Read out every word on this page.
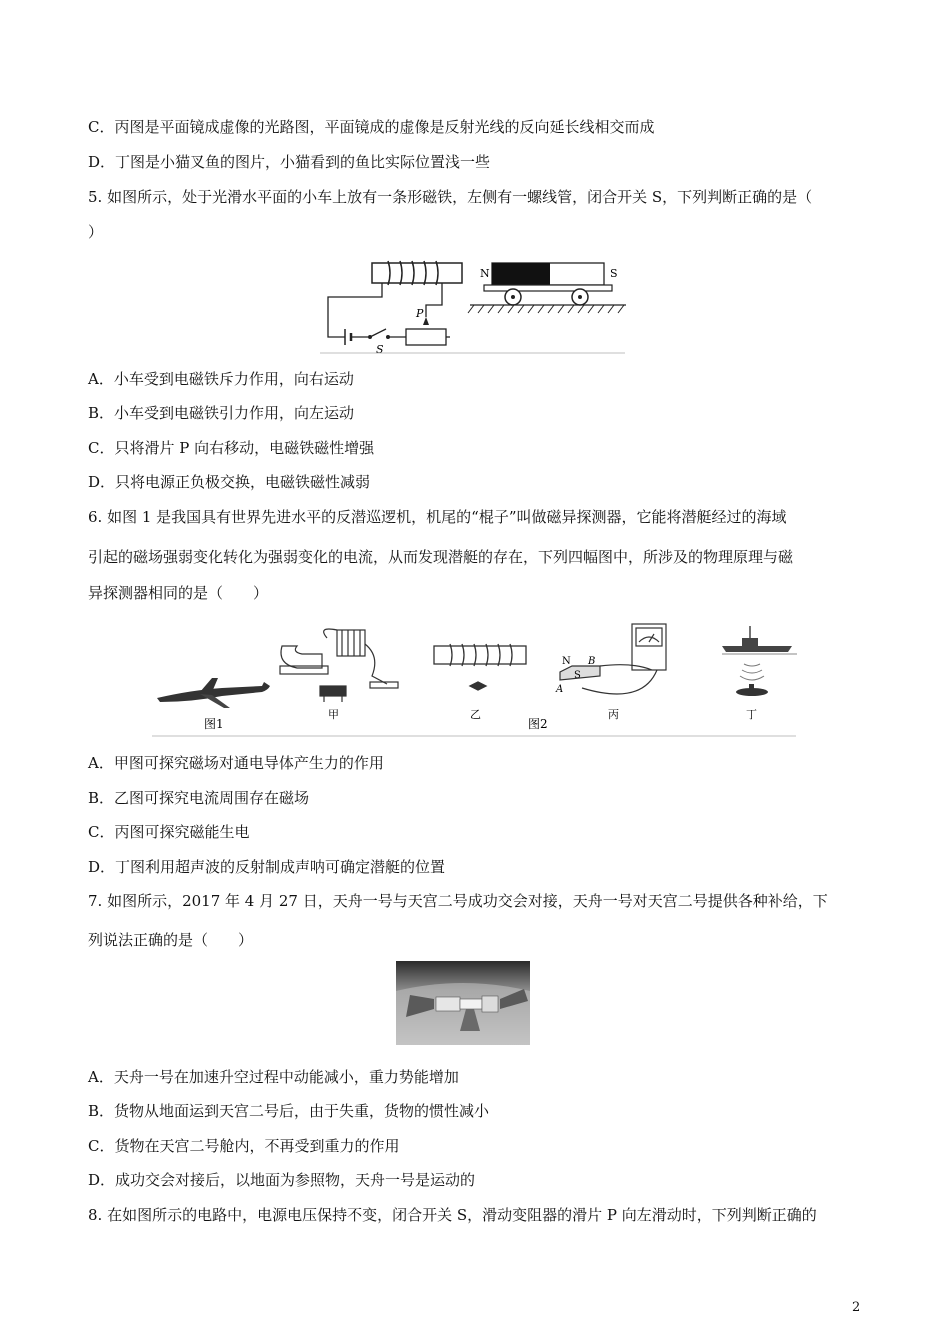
C．丙图是平面镜成虚像的光路图，平面镜成的虚像是反射光线的反向延长线相交而成
D．丁图是小猫叉鱼的图片，小猫看到的鱼比实际位置浅一些
5. 如图所示，处于光滑水平面的小车上放有一条形磁铁，左侧有一螺线管，闭合开关 S，下列判断正确的是（
）
S
P
N	S
A．小车受到电磁铁斥力作用，向右运动
B．小车受到电磁铁引力作用，向左运动
C．只将滑片 P 向右移动，电磁铁磁性增强
D．只将电源正负极交换，电磁铁磁性减弱
6. 如图 1 是我国具有世界先进水平的反潜巡逻机，机尾的“棍子”叫做磁异探测器，它能将潜艇经过的海域
引起的磁场强弱变化转化为强弱变化的电流，从而发现潜艇的存在，下列四幅图中，所涉及的物理原理与磁
异探测器相同的是（　　）
图1
甲	乙
N
S
A
B
丙
图2
丁
A．甲图可探究磁场对通电导体产生力的作用
B．乙图可探究电流周围存在磁场
C．丙图可探究磁能生电
D．丁图利用超声波的反射制成声呐可确定潜艇的位置
7. 如图所示，2017 年 4 月 27 日，天舟一号与天宫二号成功交会对接，天舟一号对天宫二号提供各种补给，下
列说法正确的是（　　）
A．天舟一号在加速升空过程中动能减小，重力势能增加
B．货物从地面运到天宫二号后，由于失重，货物的惯性减小
C．货物在天宫二号舱内，不再受到重力的作用
D．成功交会对接后，以地面为参照物，天舟一号是运动的
8. 在如图所示的电路中，电源电压保持不变，闭合开关 S，滑动变阻器的滑片 P 向左滑动时，下列判断正确的
2
